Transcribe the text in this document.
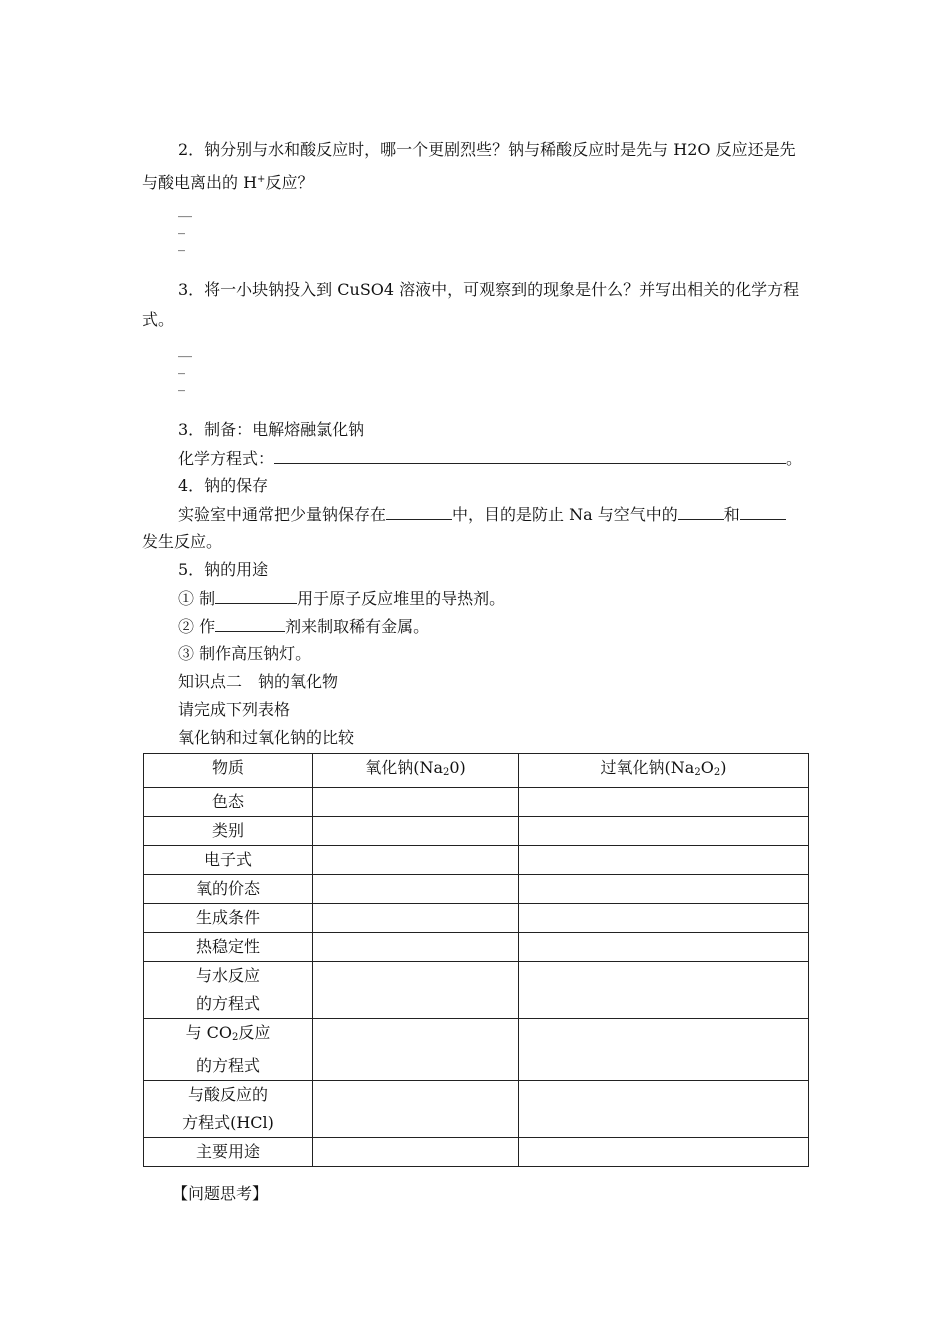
2．钠分别与水和酸反应时，哪一个更剧烈些？钠与稀酸反应时是先与 H2O 反应还是先
与酸电离出的 H+反应？
__
_
_
3．将一小块钠投入到 CuSO4 溶液中，可观察到的现象是什么？并写出相关的化学方程
式。
__
_
_
3．制备：电解熔融氯化钠
化学方程式：	。
4．钠的保存
实验室中通常把少量钠保存在	中，目的是防止 Na 与空气中的	和
发生反应。
5．钠的用途
① 制	用于原子反应堆里的导热剂。
② 作	剂来制取稀有金属。
③ 制作高压钠灯。
知识点二　钠的氧化物
请完成下列表格
氧化钠和过氧化钠的比较
物质	氧化钠$(Na_20)$	过氧化钠$(Na_2O_2)$
色态		
类别		
电子式		
氧的价态		
生成条件		
热稳定性		

与水反应
的方程式		

与 $CO_2$反应
的方程式		

与酸反应的
方程式(HCl)		

主要用途		
【问题思考】
